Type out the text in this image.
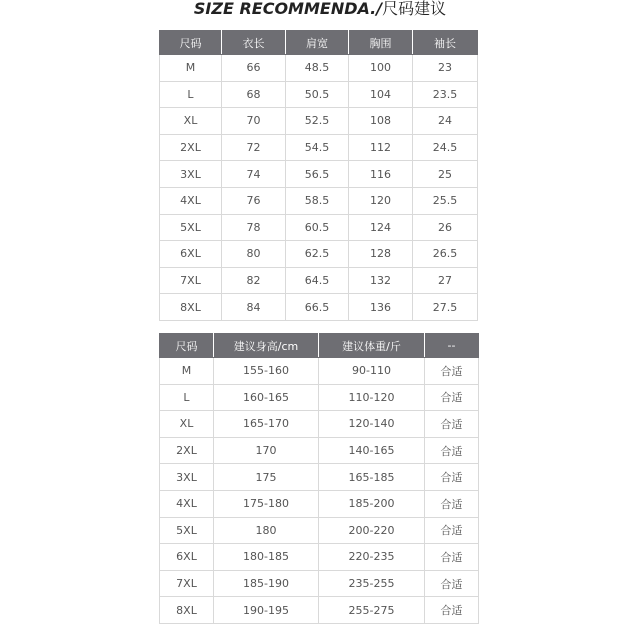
SIZE RECOMMENDA./尺码建议
尺码	衣长	肩宽	胸围	袖长
M	66	48.5	100	23
L	68	50.5	104	23.5
XL	70	52.5	108	24
2XL	72	54.5	112	24.5
3XL	74	56.5	116	25
4XL	76	58.5	120	25.5
5XL	78	60.5	124	26
6XL	80	62.5	128	26.5
7XL	82	64.5	132	27
8XL	84	66.5	136	27.5
尺码	建议身高/cm	建议体重/斤	--
M	155-160	90-110	合适
L	160-165	110-120	合适
XL	165-170	120-140	合适
2XL	170	140-165	合适
3XL	175	165-185	合适
4XL	175-180	185-200	合适
5XL	180	200-220	合适
6XL	180-185	220-235	合适
7XL	185-190	235-255	合适
8XL	190-195	255-275	合适
